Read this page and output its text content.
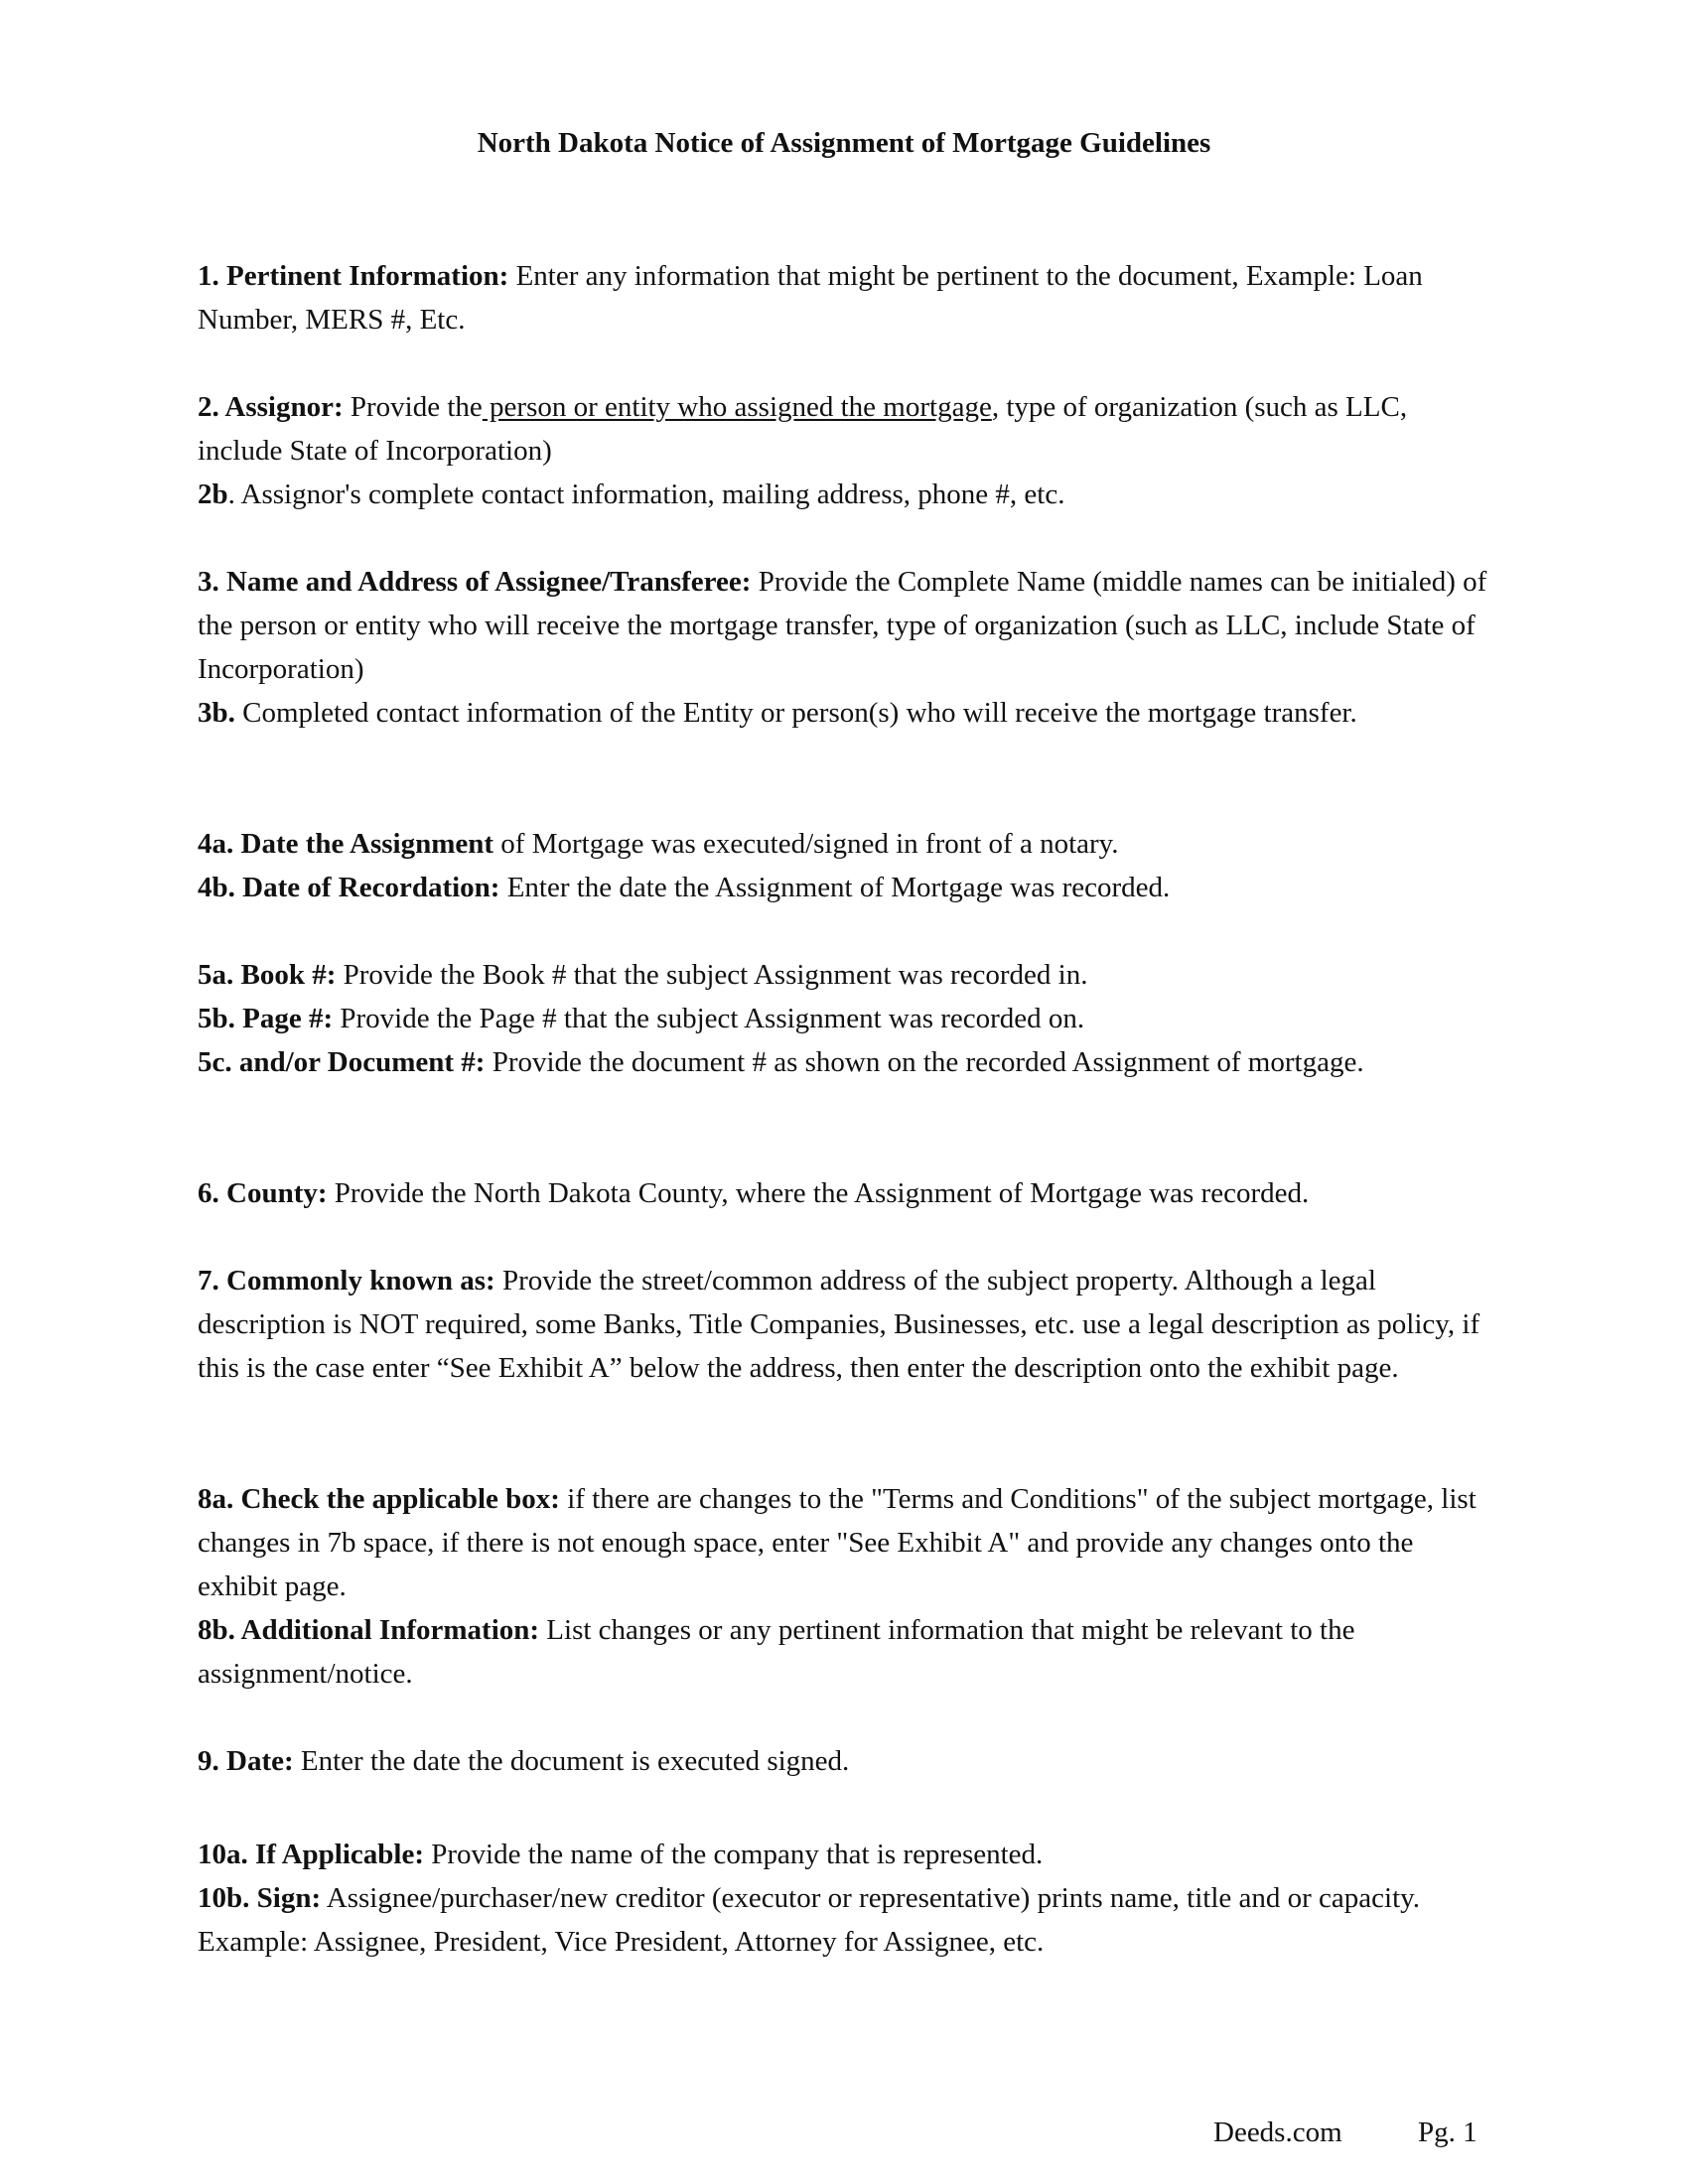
North Dakota Notice of Assignment of Mortgage Guidelines

1. Pertinent Information: Enter any information that might be pertinent to the document, Example: Loan Number, MERS #, Etc.

2. Assignor: Provide the person or entity who assigned the mortgage, type of organization (such as LLC, include State of Incorporation)

2b. Assignor's complete contact information, mailing address, phone #, etc.

3. Name and Address of Assignee/Transferee: Provide the Complete Name (middle names can be initialed) of the person or entity who will receive the mortgage transfer, type of organization (such as LLC, include State of Incorporation)

3b. Completed contact information of the Entity or person(s) who will receive the mortgage transfer.

4a. Date the Assignment of Mortgage was executed/signed in front of a notary.

4b. Date of Recordation: Enter the date the Assignment of Mortgage was recorded.

5a. Book #: Provide the Book # that the subject Assignment was recorded in.

5b. Page #: Provide the Page # that the subject Assignment was recorded on.

5c. and/or Document #: Provide the document # as shown on the recorded Assignment of mortgage.

6. County: Provide the North Dakota County, where the Assignment of Mortgage was recorded.

7. Commonly known as: Provide the street/common address of the subject property. Although a legal description is NOT required, some Banks, Title Companies, Businesses, etc. use a legal description as policy, if this is the case enter “See Exhibit A” below the address, then enter the description onto the exhibit page.

8a. Check the applicable box: if there are changes to the "Terms and Conditions" of the subject mortgage, list changes in 7b space, if there is not enough space, enter "See Exhibit A" and provide any changes onto the exhibit page.

8b. Additional Information: List changes or any pertinent information that might be relevant to the assignment/notice.

9. Date: Enter the date the document is executed signed.

10a. If Applicable: Provide the name of the company that is represented.

10b. Sign: Assignee/purchaser/new creditor (executor or representative) prints name, title and or capacity. Example: Assignee, President, Vice President, Attorney for Assignee, etc.

Deeds.com	Pg. 1
